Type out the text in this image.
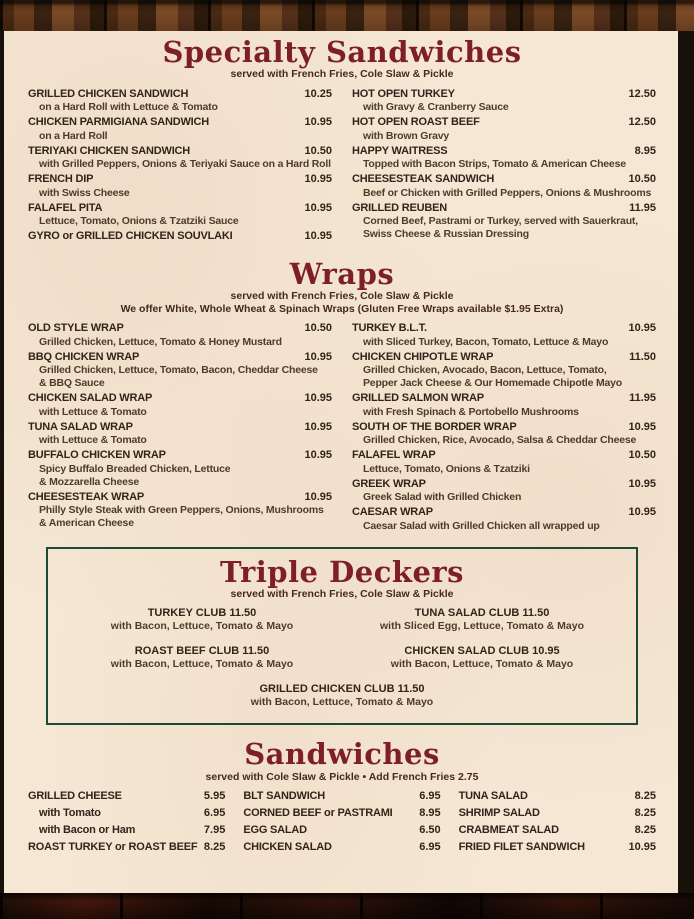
Specialty Sandwiches
served with French Fries, Cole Slaw & Pickle
GRILLED CHICKEN SANDWICH	10.25
on a Hard Roll with Lettuce & Tomato
CHICKEN PARMIGIANA SANDWICH	10.95
on a Hard Roll
TERIYAKI CHICKEN SANDWICH	10.50
with Grilled Peppers, Onions & Teriyaki Sauce on a Hard Roll
FRENCH DIP	10.95
with Swiss Cheese
FALAFEL PITA	10.95
Lettuce, Tomato, Onions & Tzatziki Sauce
GYRO or GRILLED CHICKEN SOUVLAKI	10.95
HOT OPEN TURKEY	12.50
with Gravy & Cranberry Sauce
HOT OPEN ROAST BEEF	12.50
with Brown Gravy
HAPPY WAITRESS	8.95
Topped with Bacon Strips, Tomato & American Cheese
CHEESESTEAK SANDWICH	10.50
Beef or Chicken with Grilled Peppers, Onions & Mushrooms
GRILLED REUBEN	11.95
Corned Beef, Pastrami or Turkey, served with Sauerkraut,
Swiss Cheese & Russian Dressing
Wraps
served with French Fries, Cole Slaw & Pickle
We offer White, Whole Wheat & Spinach Wraps (Gluten Free Wraps available $1.95 Extra)
OLD STYLE WRAP	10.50
Grilled Chicken, Lettuce, Tomato & Honey Mustard
BBQ CHICKEN WRAP	10.95
Grilled Chicken, Lettuce, Tomato, Bacon, Cheddar Cheese
& BBQ Sauce
CHICKEN SALAD WRAP	10.95
with Lettuce & Tomato
TUNA SALAD WRAP	10.95
with Lettuce & Tomato
BUFFALO CHICKEN WRAP	10.95
Spicy Buffalo Breaded Chicken, Lettuce
& Mozzarella Cheese
CHEESESTEAK WRAP	10.95
Philly Style Steak with Green Peppers, Onions, Mushrooms
& American Cheese
TURKEY B.L.T.	10.95
with Sliced Turkey, Bacon, Tomato, Lettuce & Mayo
CHICKEN CHIPOTLE WRAP	11.50
Grilled Chicken, Avocado, Bacon, Lettuce, Tomato,
Pepper Jack Cheese & Our Homemade Chipotle Mayo
GRILLED SALMON WRAP	11.95
with Fresh Spinach & Portobello Mushrooms
SOUTH OF THE BORDER WRAP	10.95
Grilled Chicken, Rice, Avocado, Salsa & Cheddar Cheese
FALAFEL WRAP	10.50
Lettuce, Tomato, Onions & Tzatziki
GREEK WRAP	10.95
Greek Salad with Grilled Chicken
CAESAR WRAP	10.95
Caesar Salad with Grilled Chicken all wrapped up
Triple Deckers
served with French Fries, Cole Slaw & Pickle
TURKEY CLUB 11.50
with Bacon, Lettuce, Tomato & Mayo
TUNA SALAD CLUB 11.50
with Sliced Egg, Lettuce, Tomato & Mayo
ROAST BEEF CLUB 11.50
with Bacon, Lettuce, Tomato & Mayo
CHICKEN SALAD CLUB 10.95
with Bacon, Lettuce, Tomato & Mayo
GRILLED CHICKEN CLUB 11.50
with Bacon, Lettuce, Tomato & Mayo
Sandwiches
served with Cole Slaw & Pickle • Add French Fries 2.75
GRILLED CHEESE	5.95
with Tomato	6.95
with Bacon or Ham	7.95
ROAST TURKEY or ROAST BEEF 8.25
BLT SANDWICH	6.95
CORNED BEEF or PASTRAMI 8.95
EGG SALAD	6.50
CHICKEN SALAD	6.95
TUNA SALAD	8.25
SHRIMP SALAD	8.25
CRABMEAT SALAD	8.25
FRIED FILET SANDWICH	10.95
